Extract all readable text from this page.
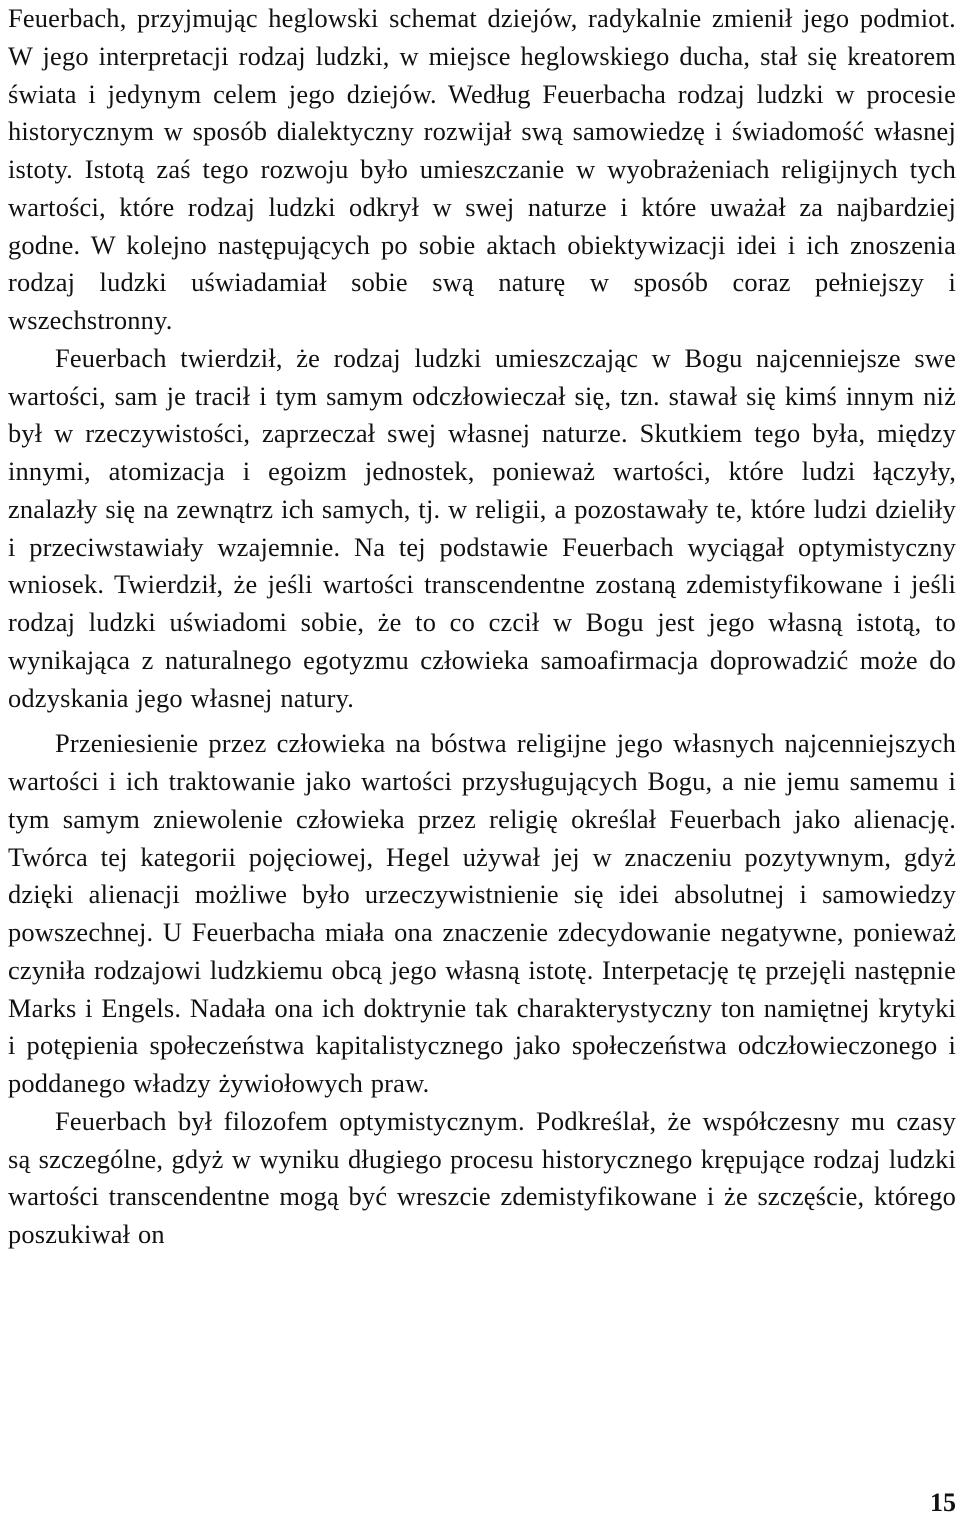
Feuerbach, przyjmując heglowski schemat dziejów, radykalnie zmienił jego podmiot. W jego interpretacji rodzaj ludzki, w miejsce heglowskiego ducha, stał się kreatorem świata i jedynym celem jego dziejów. Według Feuerbacha rodzaj ludzki w procesie historycznym w sposób dialektyczny rozwijał swą samowiedzę i świadomość własnej istoty. Istotą zaś tego rozwoju było umieszczanie w wyobrażeniach religijnych tych wartości, które rodzaj ludzki odkrył w swej naturze i które uważał za najbardziej godne. W kolejno następujących po sobie aktach obiektywizacji idei i ich znoszenia rodzaj ludzki uświadamiał sobie swą naturę w sposób coraz pełniejszy i wszechstronny.

Feuerbach twierdził, że rodzaj ludzki umieszczając w Bogu najcenniejsze swe wartości, sam je tracił i tym samym odczłowieczał się, tzn. stawał się kimś innym niż był w rzeczywistości, zaprzeczał swej własnej naturze. Skutkiem tego była, między innymi, atomizacja i egoizm jednostek, ponieważ wartości, które ludzi łączyły, znalazły się na zewnątrz ich samych, tj. w religii, a pozostawały te, które ludzi dzieliły i przeciwstawiały wzajemnie. Na tej podstawie Feuerbach wyciągał optymistyczny wniosek. Twierdził, że jeśli wartości transcendentne zostaną zdemistyfikowane i jeśli rodzaj ludzki uświadomi sobie, że to co czcił w Bogu jest jego własną istotą, to wynikająca z naturalnego egotyzmu człowieka samoafirmacja doprowadzić może do odzyskania jego własnej natury.

Przeniesienie przez człowieka na bóstwa religijne jego własnych najcenniejszych wartości i ich traktowanie jako wartości przysługujących Bogu, a nie jemu samemu i tym samym zniewolenie człowieka przez religię określał Feuerbach jako alienację. Twórca tej kategorii pojęciowej, Hegel używał jej w znaczeniu pozytywnym, gdyż dzięki alienacji możliwe było urzeczywistnienie się idei absolutnej i samowiedzy powszechnej. U Feuerbacha miała ona znaczenie zdecydowanie negatywne, ponieważ czyniła rodzajowi ludzkiemu obcą jego własną istotę. Interpetację tę przejęli następnie Marks i Engels. Nadała ona ich doktrynie tak charakterystyczny ton namiętnej krytyki i potępienia społeczeństwa kapitalistycznego jako społeczeństwa odczłowieczonego i poddanego władzy żywiołowych praw.

Feuerbach był filozofem optymistycznym. Podkreślał, że współczesny mu czasy są szczególne, gdyż w wyniku długiego procesu historycznego krępujące rodzaj ludzki wartości transcendentne mogą być wreszcie zdemistyfikowane i że szczęście, którego poszukiwał on

15
